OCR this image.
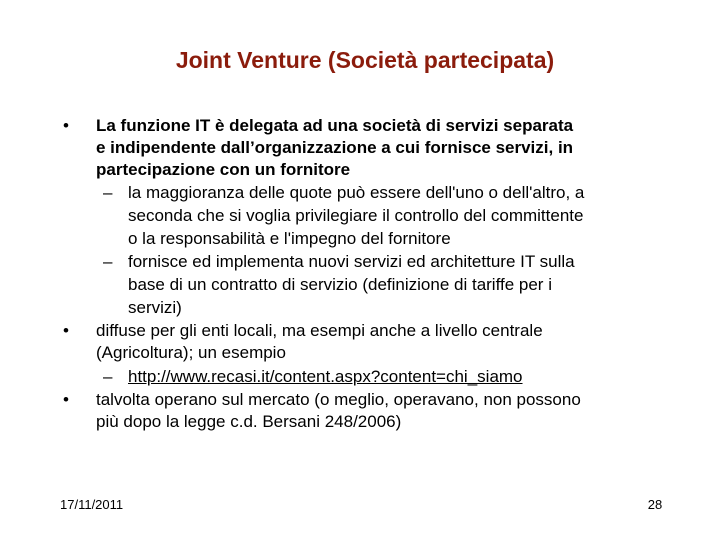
Joint Venture (Società partecipata)
• La funzione IT è delegata ad una società di servizi separata
e indipendente dall’organizzazione a cui fornisce servizi, in
partecipazione con un fornitore
– la maggioranza delle quote può essere dell'uno o dell'altro, a
seconda che si voglia privilegiare il controllo del committente
o la responsabilità e l'impegno del fornitore
– fornisce ed implementa nuovi servizi ed architetture IT sulla
base di un contratto di servizio (definizione di tariffe per i
servizi)
• diffuse per gli enti locali, ma esempi anche a livello centrale
(Agricoltura); un esempio
– http://www.recasi.it/content.aspx?content=chi_siamo
• talvolta operano sul mercato (o meglio, operavano, non possono
più dopo la legge c.d. Bersani 248/2006)
17/11/2011	28
